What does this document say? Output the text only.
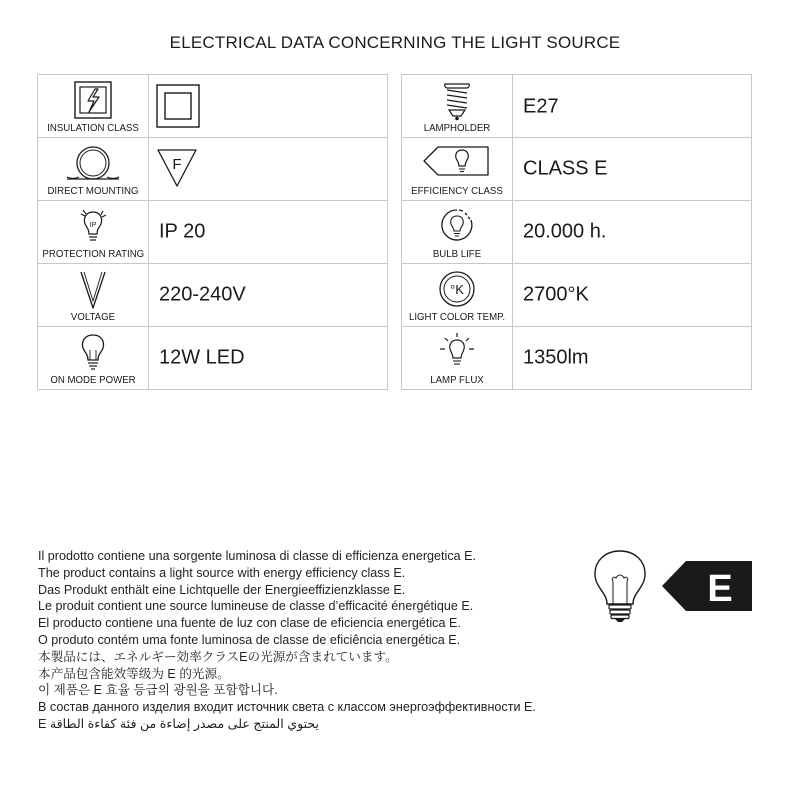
ELECTRICAL DATA CONCERNING THE LIGHT SOURCE
INSULATION CLASS

DIRECT MOUNTING	F

IP
PROTECTION RATING	IP 20

VOLTAGE	220-240V

ON MODE POWER	12W LED
LAMPHOLDER	E27

EFFICIENCY CLASS	CLASS E

BULB LIFE	20.000 h.

°K
LIGHT COLOR TEMP.	2700°K

LAMP FLUX	1350lm
Il prodotto contiene una sorgente luminosa di classe di efficienza energetica E.
The product contains a light source with energy efficiency class E.
Das Produkt enthält eine Lichtquelle der Energieeffizienzklasse E.
Le produit contient une source lumineuse de classe d’efficacité énergétique E.
El producto contiene una fuente de luz con clase de eficiencia energética E.
O produto contém uma fonte luminosa de classe de eficiência energética E.
本製品には、エネルギー効率クラスEの光源が含まれています。
本产品包含能效等级为 E 的光源。
이 제품은 E 효율 등급의 광원을 포함합니다.
В состав данного изделия входит источник света с классом энергоэффективности E.
يحتوي المنتج على مصدر إضاءة من فئة كفاءة الطاقة E
E
